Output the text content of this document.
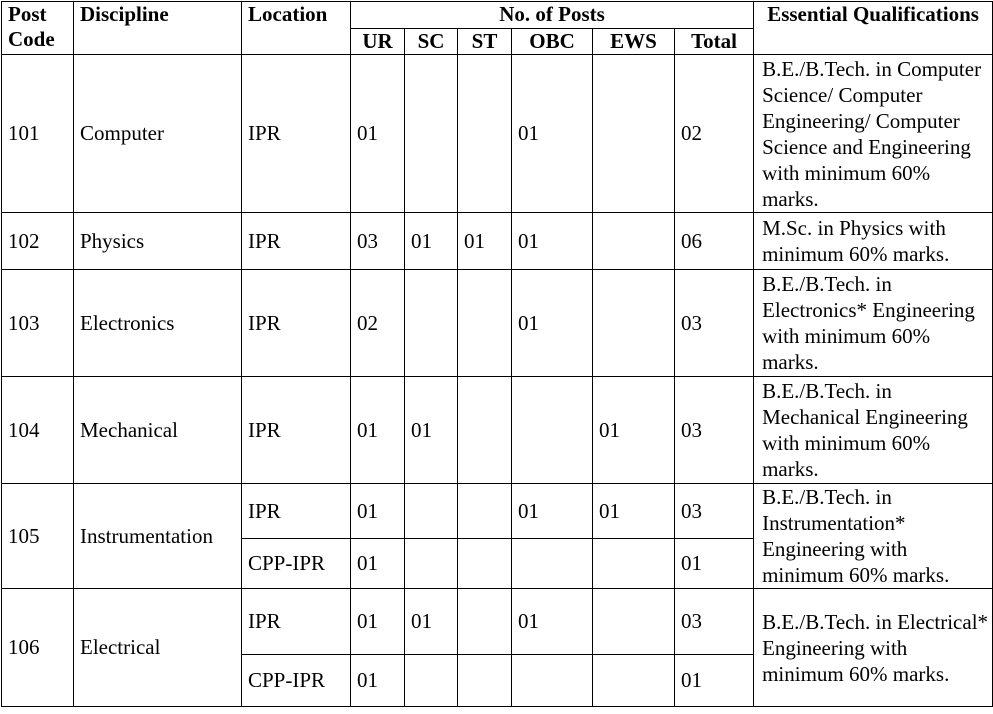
Post Code	Discipline	Location	No. of Posts						Essential Qualifications
			UR	SC	ST	OBC	EWS	Total	
101	Computer	IPR	01			01		02	B.E./B.Tech. in Computer Science/ Computer Engineering/ Computer Science and Engineering with minimum 60% marks.
102	Physics	IPR	03	01	01	01		06	M.Sc. in Physics with minimum 60% marks.
103	Electronics	IPR	02			01		03	B.E./B.Tech. in Electronics* Engineering with minimum 60% marks.
104	Mechanical	IPR	01	01			01	03	B.E./B.Tech. in Mechanical Engineering with minimum 60% marks.
105	Instrumentation	IPR	01			01	01	03	B.E./B.Tech. in Instrumentation* Engineering with minimum 60% marks.
		CPP-IPR	01					01	
106	Electrical	IPR	01	01		01		03	B.E./B.Tech. in Electrical* Engineering with minimum 60% marks.
		CPP-IPR	01					01	
